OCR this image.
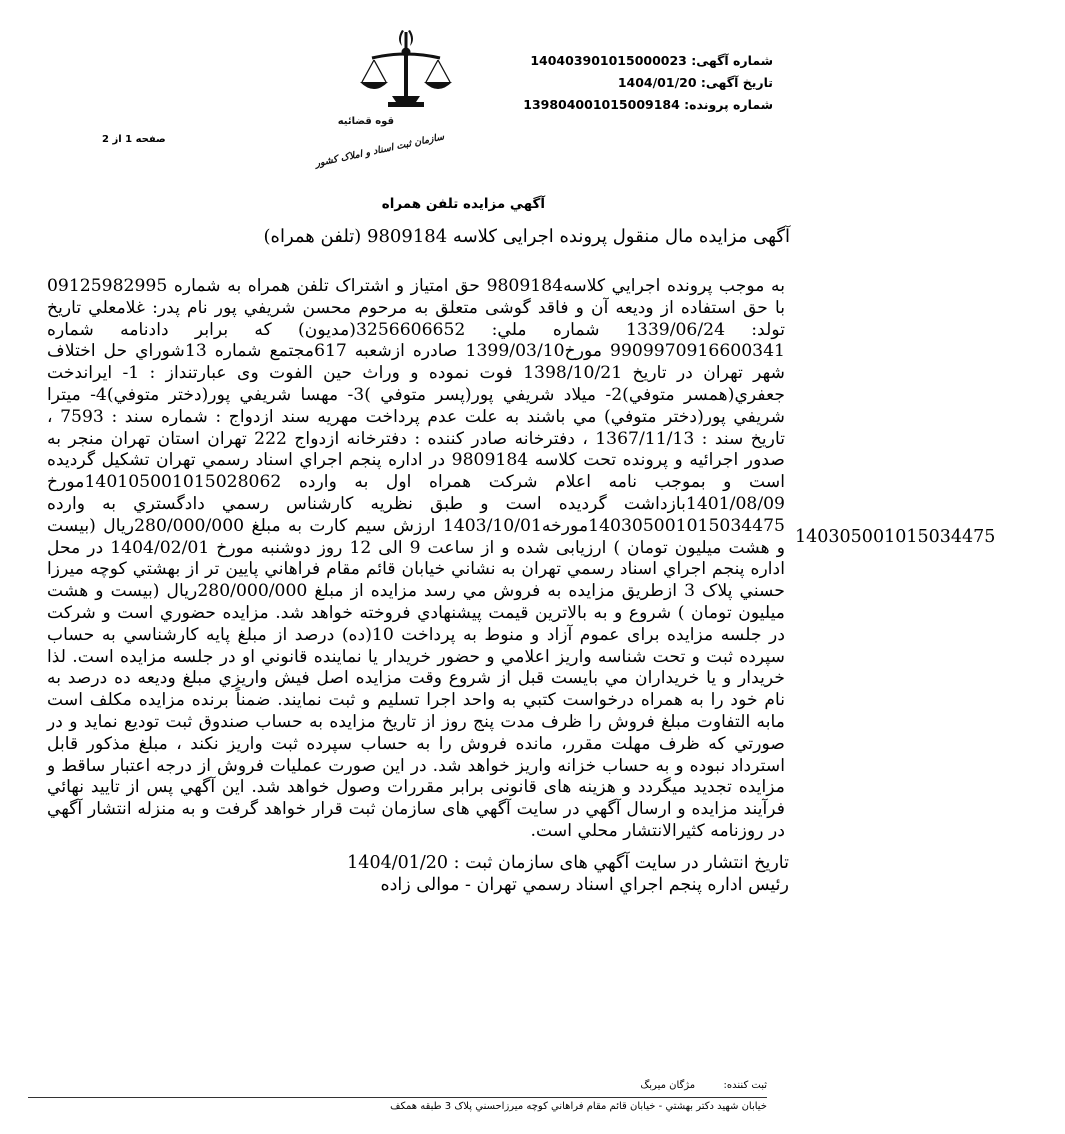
قوه قضائیه
سازمان ثبت اسناد و املاک کشور
شماره آگهی: 140403901015000023
تاریخ آگهی: 1404/01/20
شماره پرونده: 139804001015009184
صفحه 1 از 2
آگهي مزايده تلفن همراه
آگهی مزایده مال منقول پرونده اجرایی کلاسه 9809184 (تلفن همراه)

به موجب پرونده اجرايي كلاسه9809184 حق امتياز و اشتراک تلفن همراه به شماره 09125982995 با حق استفاده از وديعه آن و فاقد گوشی متعلق به مرحوم محسن شريفي پور نام پدر: غلامعلي تاريخ تولد: 1339/06/24 شماره ملي: 3256606652(مديون) كه برابر دادنامه شماره 9909970916600341 مورخ1399/03/10 صادره ازشعبه 617مجتمع شماره 13شوراي حل اختلاف شهر تهران در تاريخ 1398/10/21 فوت نموده و وراث حين الفوت وی عبارتنداز : 1- ايراندخت جعفري(همسر متوفي)2- ميلاد شريفي پور(پسر متوفي )3- مهسا شريفي پور(دختر متوفي)4- ميترا شريفي پور(دختر متوفي) مي باشند به علت عدم پرداخت مهريه سند ازدواج : شماره سند : 7593 ، تاريخ سند : 1367/11/13 ، دفترخانه صادر كننده : دفترخانه ازدواج 222 تهران استان تهران منجر به صدور اجرائيه و پرونده تحت كلاسه 9809184 در اداره پنجم اجراي اسناد رسمي تهران تشكيل گرديده است و بموجب نامه اعلام شركت همراه اول به وارده 14010500101502806​2مورخ 1401/08/09بازداشت گرديده است و طبق نظريه كارشناس رسمي دادگستري به وارده 14030500101503447​5مورخه1403/10/01 ارزش سيم كارت به مبلغ 280/000/000ريال (بيست و هشت ميليون تومان ) ارزيابى شده و از ساعت 9 الى 12 روز دوشنبه مورخ 1404/02/01 در محل اداره پنجم اجراي اسناد رسمي تهران به نشاني خيابان قائم مقام فراهاني پايين تر از بهشتي كوچه ميرزا حسني پلاک 3 ازطريق مزايده به فروش مي رسد مزايده از مبلغ 280/000/000ريال (بيست و هشت ميليون تومان ) شروع و به بالاترين قيمت پيشنهادي فروخته خواهد شد. مزايده حضوري است و شركت در جلسه مزايده براى عموم آزاد و منوط به پرداخت 10(ده) درصد از مبلغ پايه كارشناسي به حساب سپرده ثبت و تحت شناسه واريز اعلامي و حضور خريدار يا نماينده قانوني او در جلسه مزايده است. لذا خريدار و يا خريداران مي بايست قبل از شروع وقت مزايده اصل فيش واريزي مبلغ وديعه ده درصد به نام خود را به همراه درخواست كتبي به واحد اجرا تسليم و ثبت نمايند. ضمناً برنده مزايده مكلف است مابه التفاوت مبلغ فروش را ظرف مدت پنج روز از تاريخ مزايده به حساب صندوق ثبت توديع نمايد و در صورتي كه ظرف مهلت مقرر، مانده فروش را به حساب سپرده ثبت واريز نكند ، مبلغ مذكور قابل استرداد نبوده و به حساب خزانه واريز خواهد شد. در اين صورت عمليات فروش از درجه اعتبار ساقط و مزايده تجديد ميگردد و هزينه هاى قانونى برابر مقررات وصول خواهد شد. اين آگهي پس از تاييد نهائي فرآيند مزايده و ارسال آگهي در سايت آگهي هاى سازمان ثبت قرار خواهد گرفت و به منزله انتشار آگهي در روزنامه كثيرالانتشار محلي است.

14030500101503447​5
تاريخ انتشار در سايت آگهي هاى سازمان ثبت : 1404/01/20
رئيس اداره پنجم اجراي اسناد رسمي تهران - موالی زاده
ثبت کننده:  مژگان میربگ
خيابان شهيد دكتر بهشتي - خيابان قائم مقام فراهاني كوچه ميرزاحسني پلاک 3 طبقه همكف
